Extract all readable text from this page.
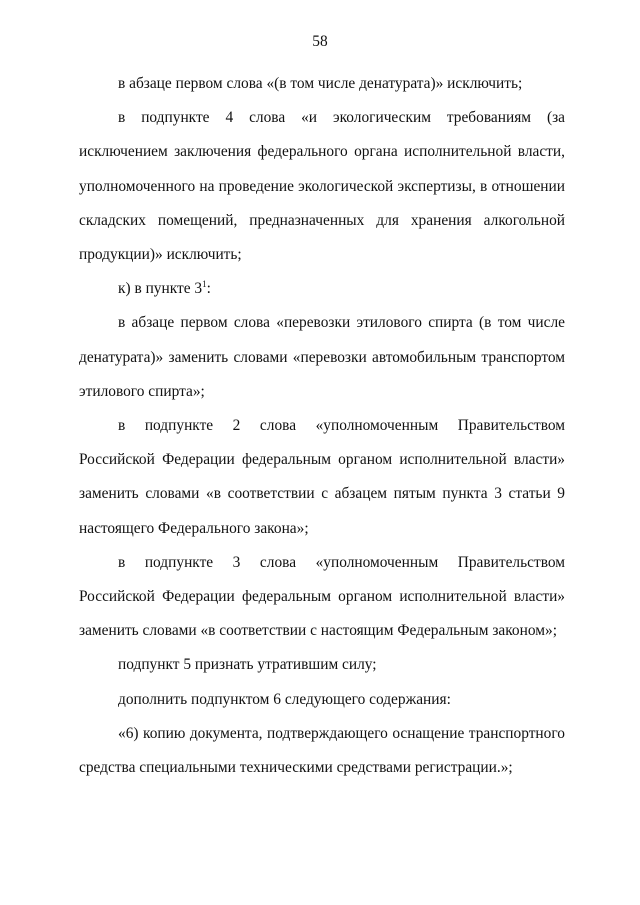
58

в абзаце первом слова «(в том числе денатурата)» исключить;

в подпункте 4 слова «и экологическим требованиям (за исключением заключения федерального органа исполнительной власти, уполномоченного на проведение экологической экспертизы, в отношении складских помещений, предназначенных для хранения алкогольной продукции)» исключить;

к) в пункте $3^1$:

в абзаце первом слова «перевозки этилового спирта (в том числе денатурата)» заменить словами «перевозки автомобильным транспортом этилового спирта»;

в подпункте 2 слова «уполномоченным Правительством Российской Федерации федеральным органом исполнительной власти» заменить словами «в соответствии с абзацем пятым пункта 3 статьи 9 настоящего Федерального закона»;

в подпункте 3 слова «уполномоченным Правительством Российской Федерации федеральным органом исполнительной власти» заменить словами «в соответствии с настоящим Федеральным законом»;

подпункт 5 признать утратившим силу;

дополнить подпунктом 6 следующего содержания:

«6) копию документа, подтверждающего оснащение транспортного средства специальными техническими средствами регистрации.»;
